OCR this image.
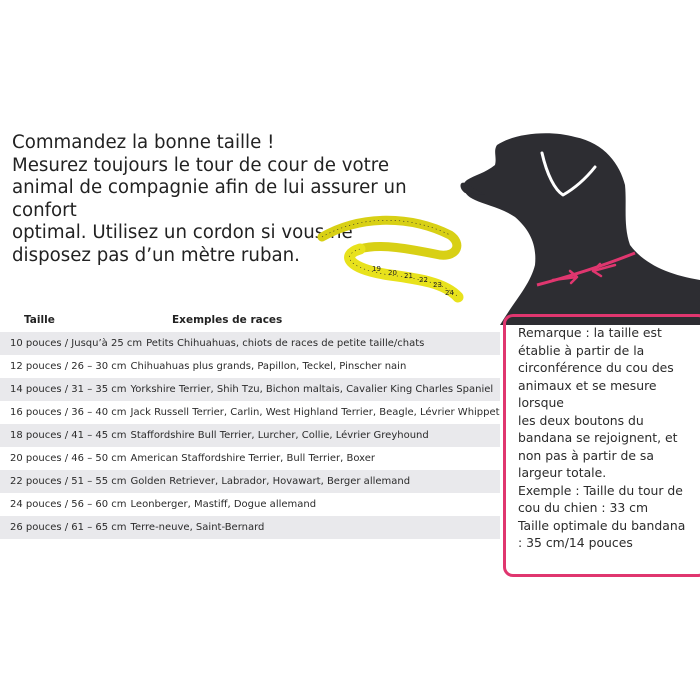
Commandez la bonne taille !
Mesurez toujours le tour de cour de votre
animal de compagnie afin de lui assurer un
confort
optimal. Utilisez un cordon si vous ne
disposez pas d’un mètre ruban.
19 20 21 22
23
24
Taille	Exemples de races
10 pouces / Jusqu’à 25 cm Petits Chihuahuas, chiots de races de petite taille/chats
12 pouces / 26 – 30 cm Chihuahuas plus grands, Papillon, Teckel, Pinscher nain
14 pouces / 31 – 35 cm Yorkshire Terrier, Shih Tzu, Bichon maltais, Cavalier King Charles Spaniel
16 pouces / 36 – 40 cm Jack Russell Terrier, Carlin, West Highland Terrier, Beagle, Lévrier Whippet
18 pouces / 41 – 45 cm Staffordshire Bull Terrier, Lurcher, Collie, Lévrier Greyhound
20 pouces / 46 – 50 cm American Staffordshire Terrier, Bull Terrier, Boxer
22 pouces / 51 – 55 cm Golden Retriever, Labrador, Hovawart, Berger allemand
24 pouces / 56 – 60 cm Leonberger, Mastiff, Dogue allemand
26 pouces / 61 – 65 cm Terre-neuve, Saint-Bernard
Remarque : la taille est
établie à partir de la
circonférence du cou des
animaux et se mesure
lorsque
les deux boutons du
bandana se rejoignent, et
non pas à partir de sa
largeur totale.
Exemple : Taille du tour de
cou du chien : 33 cm
Taille optimale du bandana
: 35 cm/14 pouces
